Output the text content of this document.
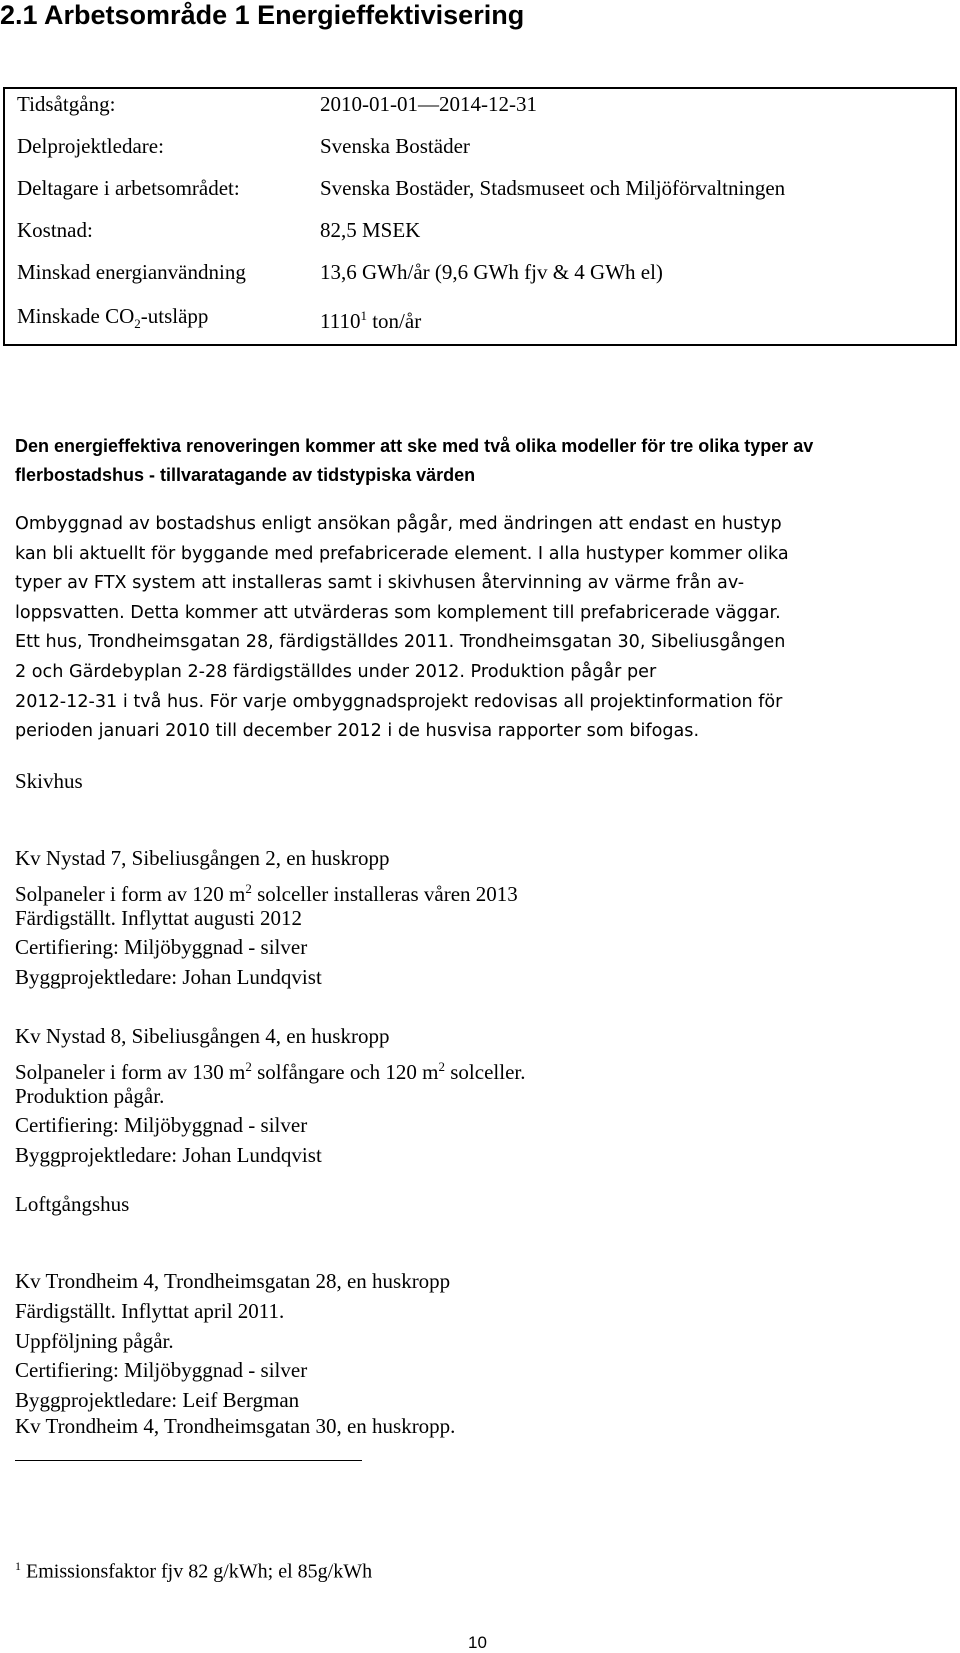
2.1 Arbetsområde 1 Energieffektivisering
Tidsåtgång:	2010-01-01—2014-12-31
Delprojektledare:	Svenska Bostäder
Deltagare i arbetsområdet:	Svenska Bostäder, Stadsmuseet och Miljöförvaltningen
Kostnad:	82,5 MSEK
Minskad energianvändning	13,6 GWh/år (9,6 GWh fjv & 4 GWh el)
Minskade $CO_2$-utsläpp	1110$^1$ ton/år
Den energieffektiva renoveringen kommer att ske med två olika modeller för tre olika typer av flerbostadshus - tillvaratagande av tidstypiska värden
Ombyggnad av bostadshus enligt ansökan pågår, med ändringen att endast en hustyp
kan bli aktuellt för byggande med prefabricerade element. I alla hustyper kommer olika
typer av FTX system att installeras samt i skivhusen återvinning av värme från av-
loppsvatten. Detta kommer att utvärderas som komplement till prefabricerade väggar.
Ett hus, Trondheimsgatan 28, färdigställdes 2011. Trondheimsgatan 30, Sibeliusgången
2 och Gärdebyplan 2-28 färdigställdes under 2012. Produktion pågår per
2012-12-31 i två hus. För varje ombyggnadsprojekt redovisas all projektinformation för
perioden januari 2010 till december 2012 i de husvisa rapporter som bifogas.
Skivhus
Kv Nystad 7, Sibeliusgången 2, en huskropp
Solpaneler i form av 120 $m^2$ solceller installeras våren 2013
Färdigställt. Inflyttat augusti 2012
Certifiering: Miljöbyggnad - silver
Byggprojektledare: Johan Lundqvist
Kv Nystad 8, Sibeliusgången 4, en huskropp
Solpaneler i form av 130 $m^2$ solfångare och 120 $m^2$ solceller.
Produktion pågår.
Certifiering: Miljöbyggnad - silver
Byggprojektledare: Johan Lundqvist
Loftgångshus
Kv Trondheim 4, Trondheimsgatan 28, en huskropp
Färdigställt. Inflyttat april 2011.
Uppföljning pågår.
Certifiering: Miljöbyggnad - silver
Byggprojektledare: Leif Bergman
Kv Trondheim 4, Trondheimsgatan 30, en huskropp.
$^1$ Emissionsfaktor fjv 82 g/kWh; el 85g/kWh
10
